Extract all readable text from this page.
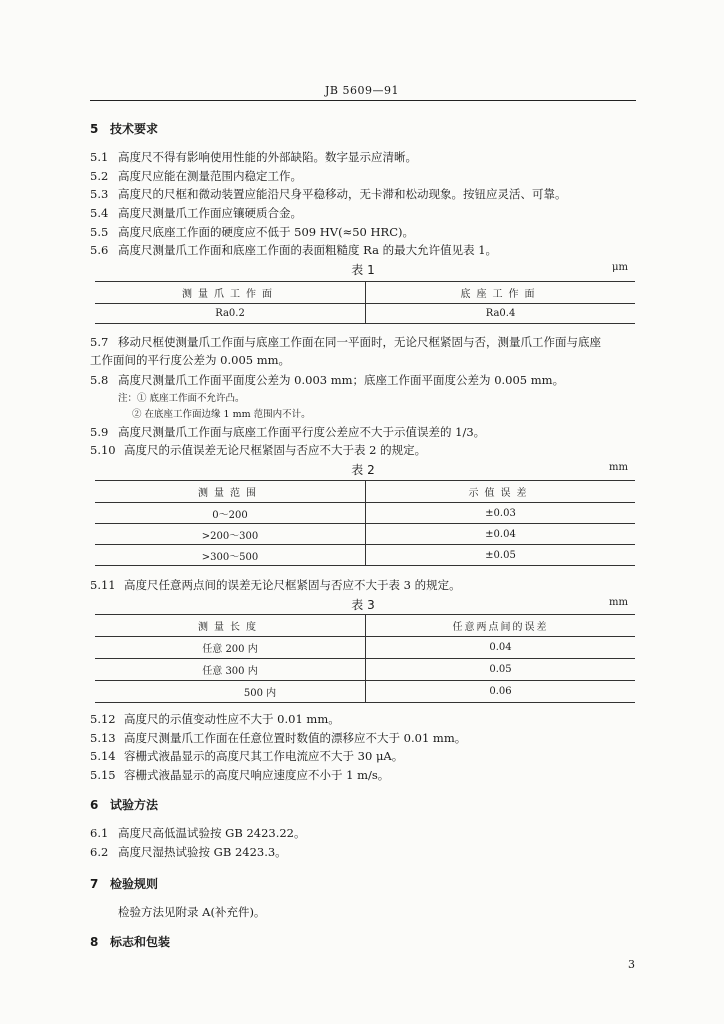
JB 5609—91
5 技术要求
5.1 高度尺不得有影响使用性能的外部缺陷。数字显示应清晰。
5.2 高度尺应能在测量范围内稳定工作。
5.3 高度尺的尺框和微动装置应能沿尺身平稳移动，无卡滞和松动现象。按钮应灵活、可靠。
5.4 高度尺测量爪工作面应镶硬质合金。
5.5 高度尺底座工作面的硬度应不低于 509 HV(≈50 HRC)。
5.6 高度尺测量爪工作面和底座工作面的表面粗糙度 Ra 的最大允许值见表 1。
表 1	μm
测量爪工作面	底座工作面
Ra0.2	Ra0.4
5.7 移动尺框使测量爪工作面与底座工作面在同一平面时，无论尺框紧固与否，测量爪工作面与底座
工作面间的平行度公差为 0.005 mm。
5.8 高度尺测量爪工作面平面度公差为 0.003 mm；底座工作面平面度公差为 0.005 mm。
注：① 底座工作面不允许凸。
② 在底座工作面边缘 1 mm 范围内不计。
5.9 高度尺测量爪工作面与底座工作面平行度公差应不大于示值误差的 1/3。
5.10 高度尺的示值误差无论尺框紧固与否应不大于表 2 的规定。
表 2	mm
测量范围	示值误差
0～200	±0.03
>200～300	±0.04
>300～500	±0.05
5.11 高度尺任意两点间的误差无论尺框紧固与否应不大于表 3 的规定。
表 3	mm
测量长度	任意两点间的误差
任意 200 内	0.04
任意 300 内	0.05
500 内	0.06
5.12 高度尺的示值变动性应不大于 0.01 mm。
5.13 高度尺测量爪工作面在任意位置时数值的漂移应不大于 0.01 mm。
5.14 容栅式液晶显示的高度尺其工作电流应不大于 30 μA。
5.15 容栅式液晶显示的高度尺响应速度应不小于 1 m/s。
6 试验方法
6.1 高度尺高低温试验按 GB 2423.22。
6.2 高度尺湿热试验按 GB 2423.3。
7 检验规则
检验方法见附录 A(补充件)。
8 标志和包装
3
